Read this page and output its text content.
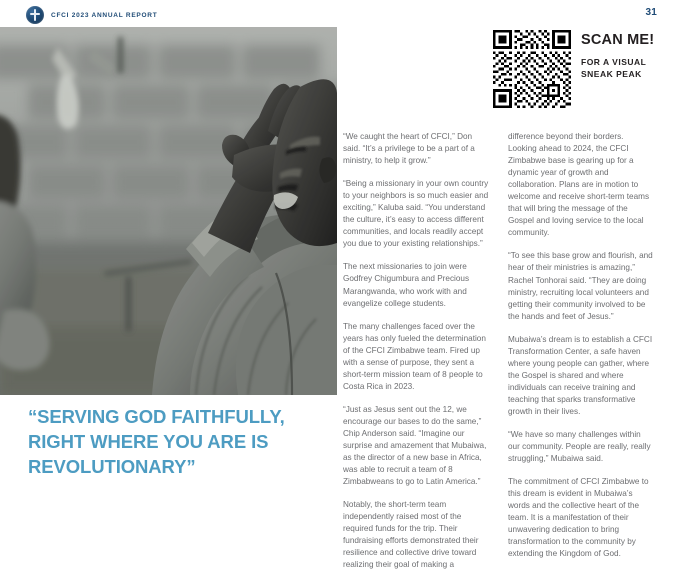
CFCI 2023 ANNUAL REPORT	31
“SERVING GOD FAITHFULLY,
RIGHT WHERE YOU ARE IS
REVOLUTIONARY”
SCAN ME!
FOR A VISUAL
SNEAK PEAK

“We caught the heart of CFCI,” Don said. “It’s a privilege to be a part of a ministry, to help it grow.”

“Being a missionary in your own country to your neighbors is so much easier and exciting,” Kaluba said. “You understand the culture, it’s easy to access different communities, and locals readily accept you due to your existing relationships.”

The next missionaries to join were Godfrey Chigumbura and Precious Marangwanda, who work with and evangelize college students.

The many challenges faced over the years has only fueled the determination of the CFCI Zimbabwe team. Fired up with a sense of purpose, they sent a short-term mission team of 8 people to Costa Rica in 2023.

“Just as Jesus sent out the 12, we encourage our bases to do the same,” Chip Anderson said. “Imagine our surprise and amazement that Mubaiwa, as the director of a new base in Africa, was able to recruit a team of 8 Zimbabweans to go to Latin America.”

Notably, the short-term team independently raised most of the required funds for the trip. Their fundraising efforts demonstrated their resilience and collective drive toward realizing their goal of making a

difference beyond their borders. Looking ahead to 2024, the CFCI Zimbabwe base is gearing up for a dynamic year of growth and collaboration. Plans are in motion to welcome and receive short-term teams that will bring the message of the Gospel and loving service to the local community.

“To see this base grow and flourish, and hear of their ministries is amazing,” Rachel Tonhorai said. “They are doing ministry, recruiting local volunteers and getting their community involved to be the hands and feet of Jesus.”

Mubaiwa’s dream is to establish a CFCI Transformation Center, a safe haven where young people can gather, where the Gospel is shared and where individuals can receive training and teaching that sparks transformative growth in their lives.

“We have so many challenges within our community. People are really, really struggling,” Mubaiwa said.

The commitment of CFCI Zimbabwe to this dream is evident in Mubaiwa’s words and the collective heart of the team. It is a manifestation of their unwavering dedication to bring transformation to the community by extending the Kingdom of God.
